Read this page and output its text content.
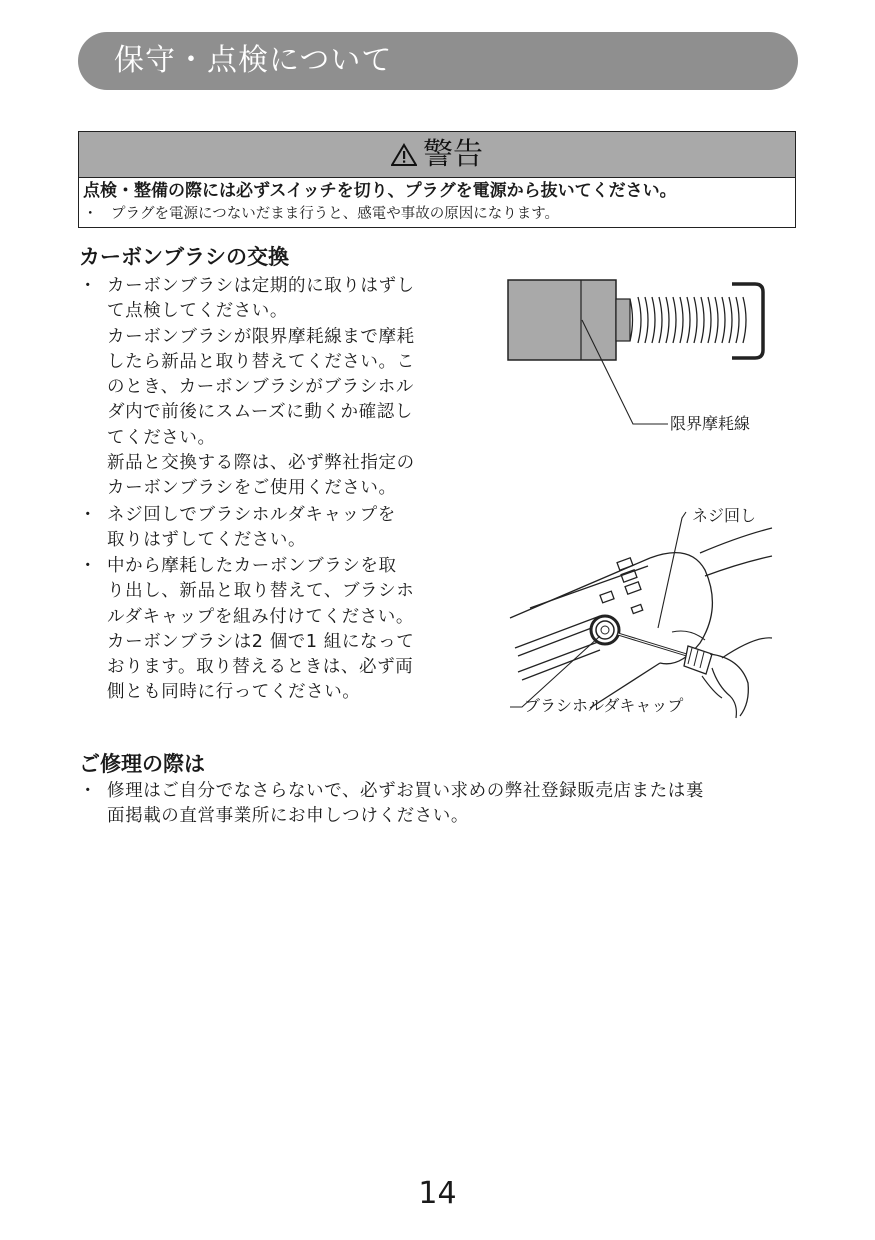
保守・点検について
警告
点検・整備の際には必ずスイッチを切り、プラグを電源から抜いてください。
・ プラグを電源につないだまま行うと、感電や事故の原因になります。
カーボンブラシの交換
・ カーボンブラシは定期的に取りはずし

て点検してください。

カーボンブラシが限界摩耗線まで摩耗

したら新品と取り替えてください。こ

のとき、カーボンブラシがブラシホル

ダ内で前後にスムーズに動くか確認し

てください。

新品と交換する際は、必ず弊社指定の

カーボンブラシをご使用ください。

・ ネジ回しでブラシホルダキャップを

取りはずしてください。

・ 中から摩耗したカーボンブラシを取

り出し、新品と取り替えて、ブラシホ

ルダキャップを組み付けてください。

カーボンブラシは2 個で1 組になって

おります。取り替えるときは、必ず両

側とも同時に行ってください。

限界摩耗線
ネジ回し
ブラシホルダキャップ
ご修理の際は
・ 修理はご自分でなさらないで、必ずお買い求めの弊社登録販売店または裏

面掲載の直営事業所にお申しつけください。

14
